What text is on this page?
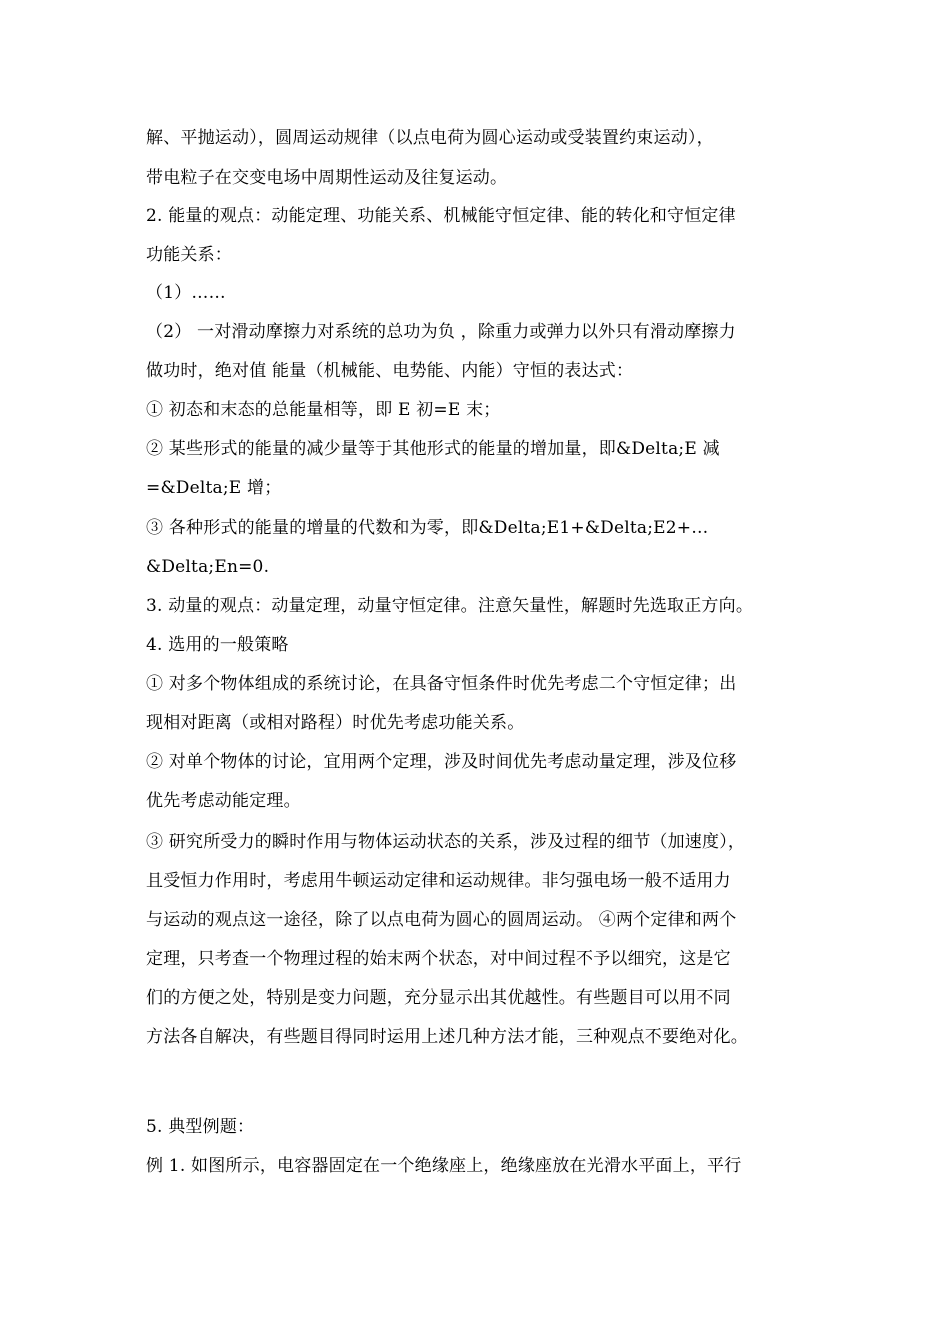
解、平抛运动），圆周运动规律（以点电荷为圆心运动或受装置约束运动），
带电粒子在交变电场中周期性运动及往复运动。
2. 能量的观点：动能定理、功能关系、机械能守恒定律、能的转化和守恒定律
功能关系：
（1）……
（2） 一对滑动摩擦力对系统的总功为负 ，除重力或弹力以外只有滑动摩擦力
做功时，绝对值 能量（机械能、电势能、内能）守恒的表达式：
① 初态和末态的总能量相等，即 E 初=E 末；
② 某些形式的能量的减少量等于其他形式的能量的增加量，即&Delta;E 减
=&Delta;E 增；
③ 各种形式的能量的增量的代数和为零，即&Delta;E1+&Delta;E2+…
&Delta;En=0.
3. 动量的观点：动量定理，动量守恒定律。注意矢量性，解题时先选取正方向。
4. 选用的一般策略
① 对多个物体组成的系统讨论，在具备守恒条件时优先考虑二个守恒定律；出
现相对距离（或相对路程）时优先考虑功能关系。
② 对单个物体的讨论，宜用两个定理，涉及时间优先考虑动量定理，涉及位移
优先考虑动能定理。
③ 研究所受力的瞬时作用与物体运动状态的关系，涉及过程的细节（加速度），
且受恒力作用时，考虑用牛顿运动定律和运动规律。非匀强电场一般不适用力
与运动的观点这一途径，除了以点电荷为圆心的圆周运动。 ④两个定律和两个
定理，只考查一个物理过程的始末两个状态，对中间过程不予以细究，这是它
们的方便之处，特别是变力问题，充分显示出其优越性。有些题目可以用不同
方法各自解决，有些题目得同时运用上述几种方法才能，三种观点不要绝对化。
5. 典型例题：
例 1. 如图所示，电容器固定在一个绝缘座上，绝缘座放在光滑水平面上，平行
